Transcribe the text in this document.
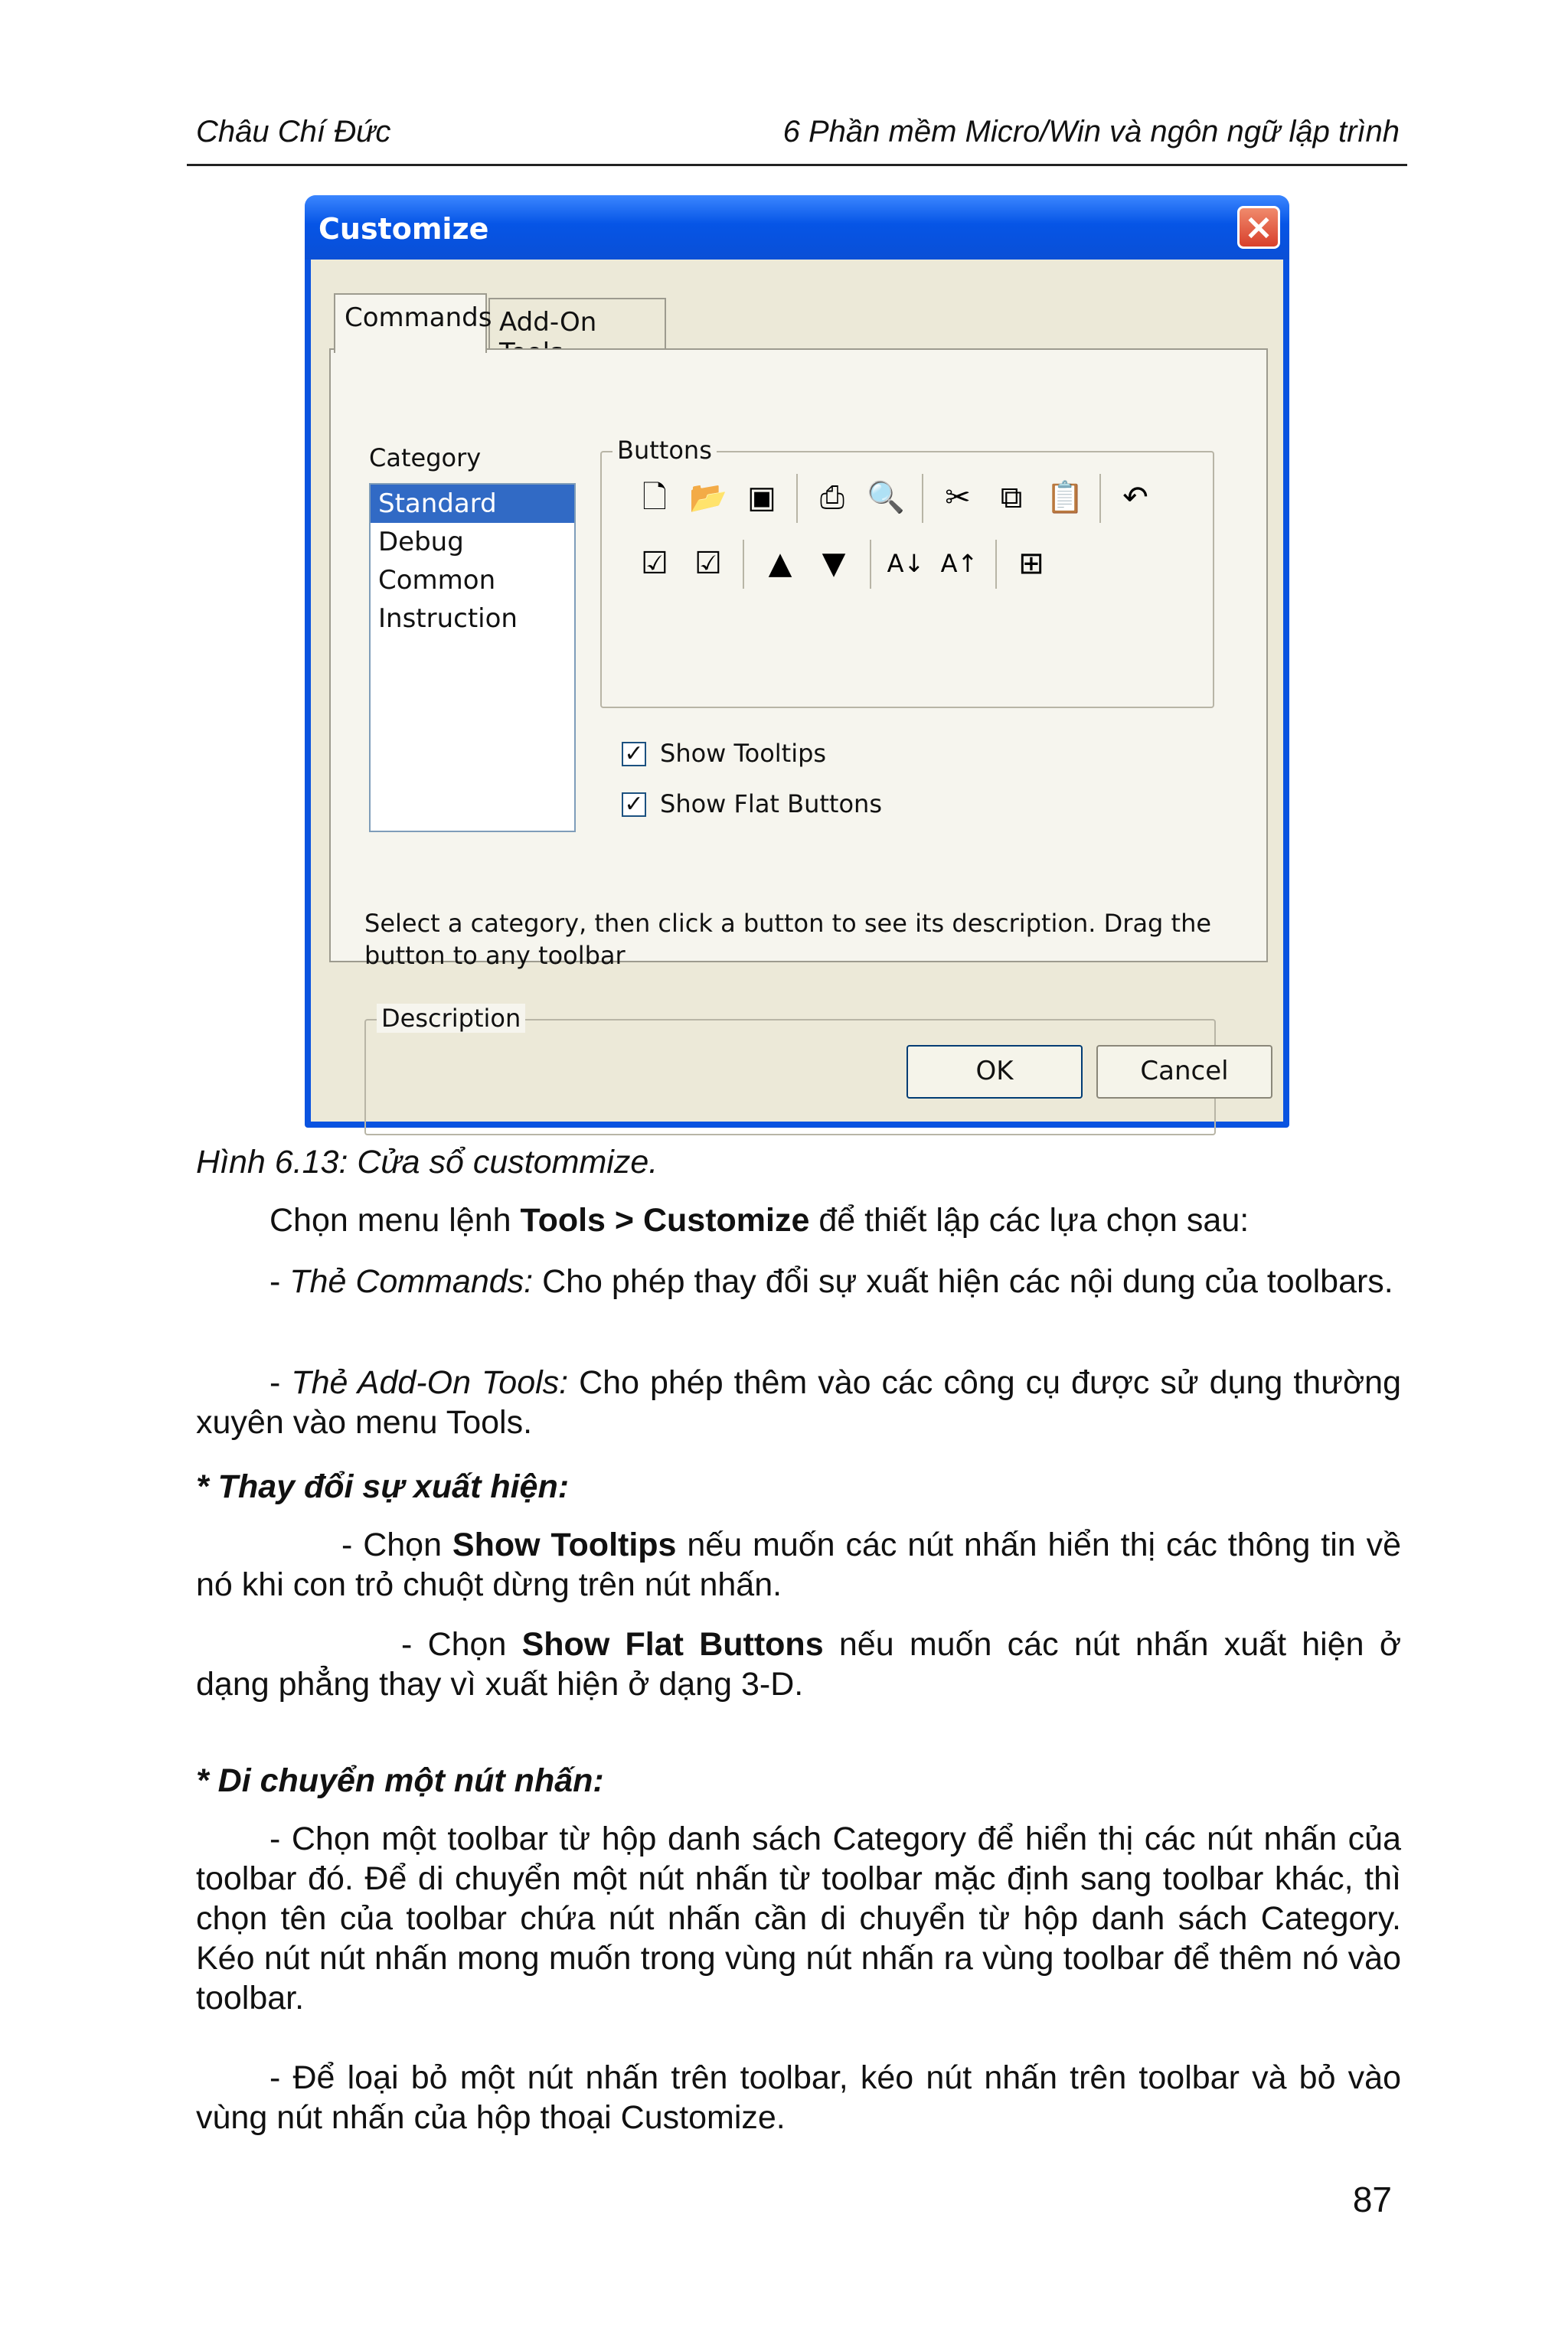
Châu Chí Đức	6 Phần mềm Micro/Win và ngôn ngữ lập trình
Customize	×
Commands Add-On
Category
Standard
Debug
Common
Instruction
Buttons
🗋 📂 ▣	⎙ 🔍	✂ ⧉ 📋	↶
☑ ☑	▲ ▼	A↓ A↑	⊞
✓ Show Tooltips
✓ Show Flat Buttons
Select a category, then click a button to see its description. Drag the button to any toolbar
Description
OK	Cancel
Hình 6.13: Cửa sổ custommize.
Chọn menu lệnh Tools > Customize để thiết lập các lựa chọn sau:
- Thẻ Commands: Cho phép thay đổi sự xuất hiện các nội dung của toolbars.
- Thẻ Add-On Tools: Cho phép thêm vào các công cụ được sử dụng thường xuyên vào menu Tools.
* Thay đổi sự xuất hiện:
- Chọn Show Tooltips nếu muốn các nút nhấn hiển thị các thông tin về nó khi con trỏ chuột dừng trên nút nhấn.
- Chọn Show Flat Buttons nếu muốn các nút nhấn xuất hiện ở dạng phẳng thay vì xuất hiện ở dạng 3-D.
* Di chuyển một nút nhấn:
- Chọn một toolbar từ hộp danh sách Category để hiển thị các nút nhấn của toolbar đó. Để di chuyển một nút nhấn từ toolbar mặc định sang toolbar khác, thì chọn tên của toolbar chứa nút nhấn cần di chuyển từ hộp danh sách Category. Kéo nút nút nhấn mong muốn trong vùng nút nhấn ra vùng toolbar để thêm nó vào toolbar.
- Để loại bỏ một nút nhấn trên toolbar, kéo nút nhấn trên toolbar và bỏ vào vùng nút nhấn của hộp thoại Customize.
87
